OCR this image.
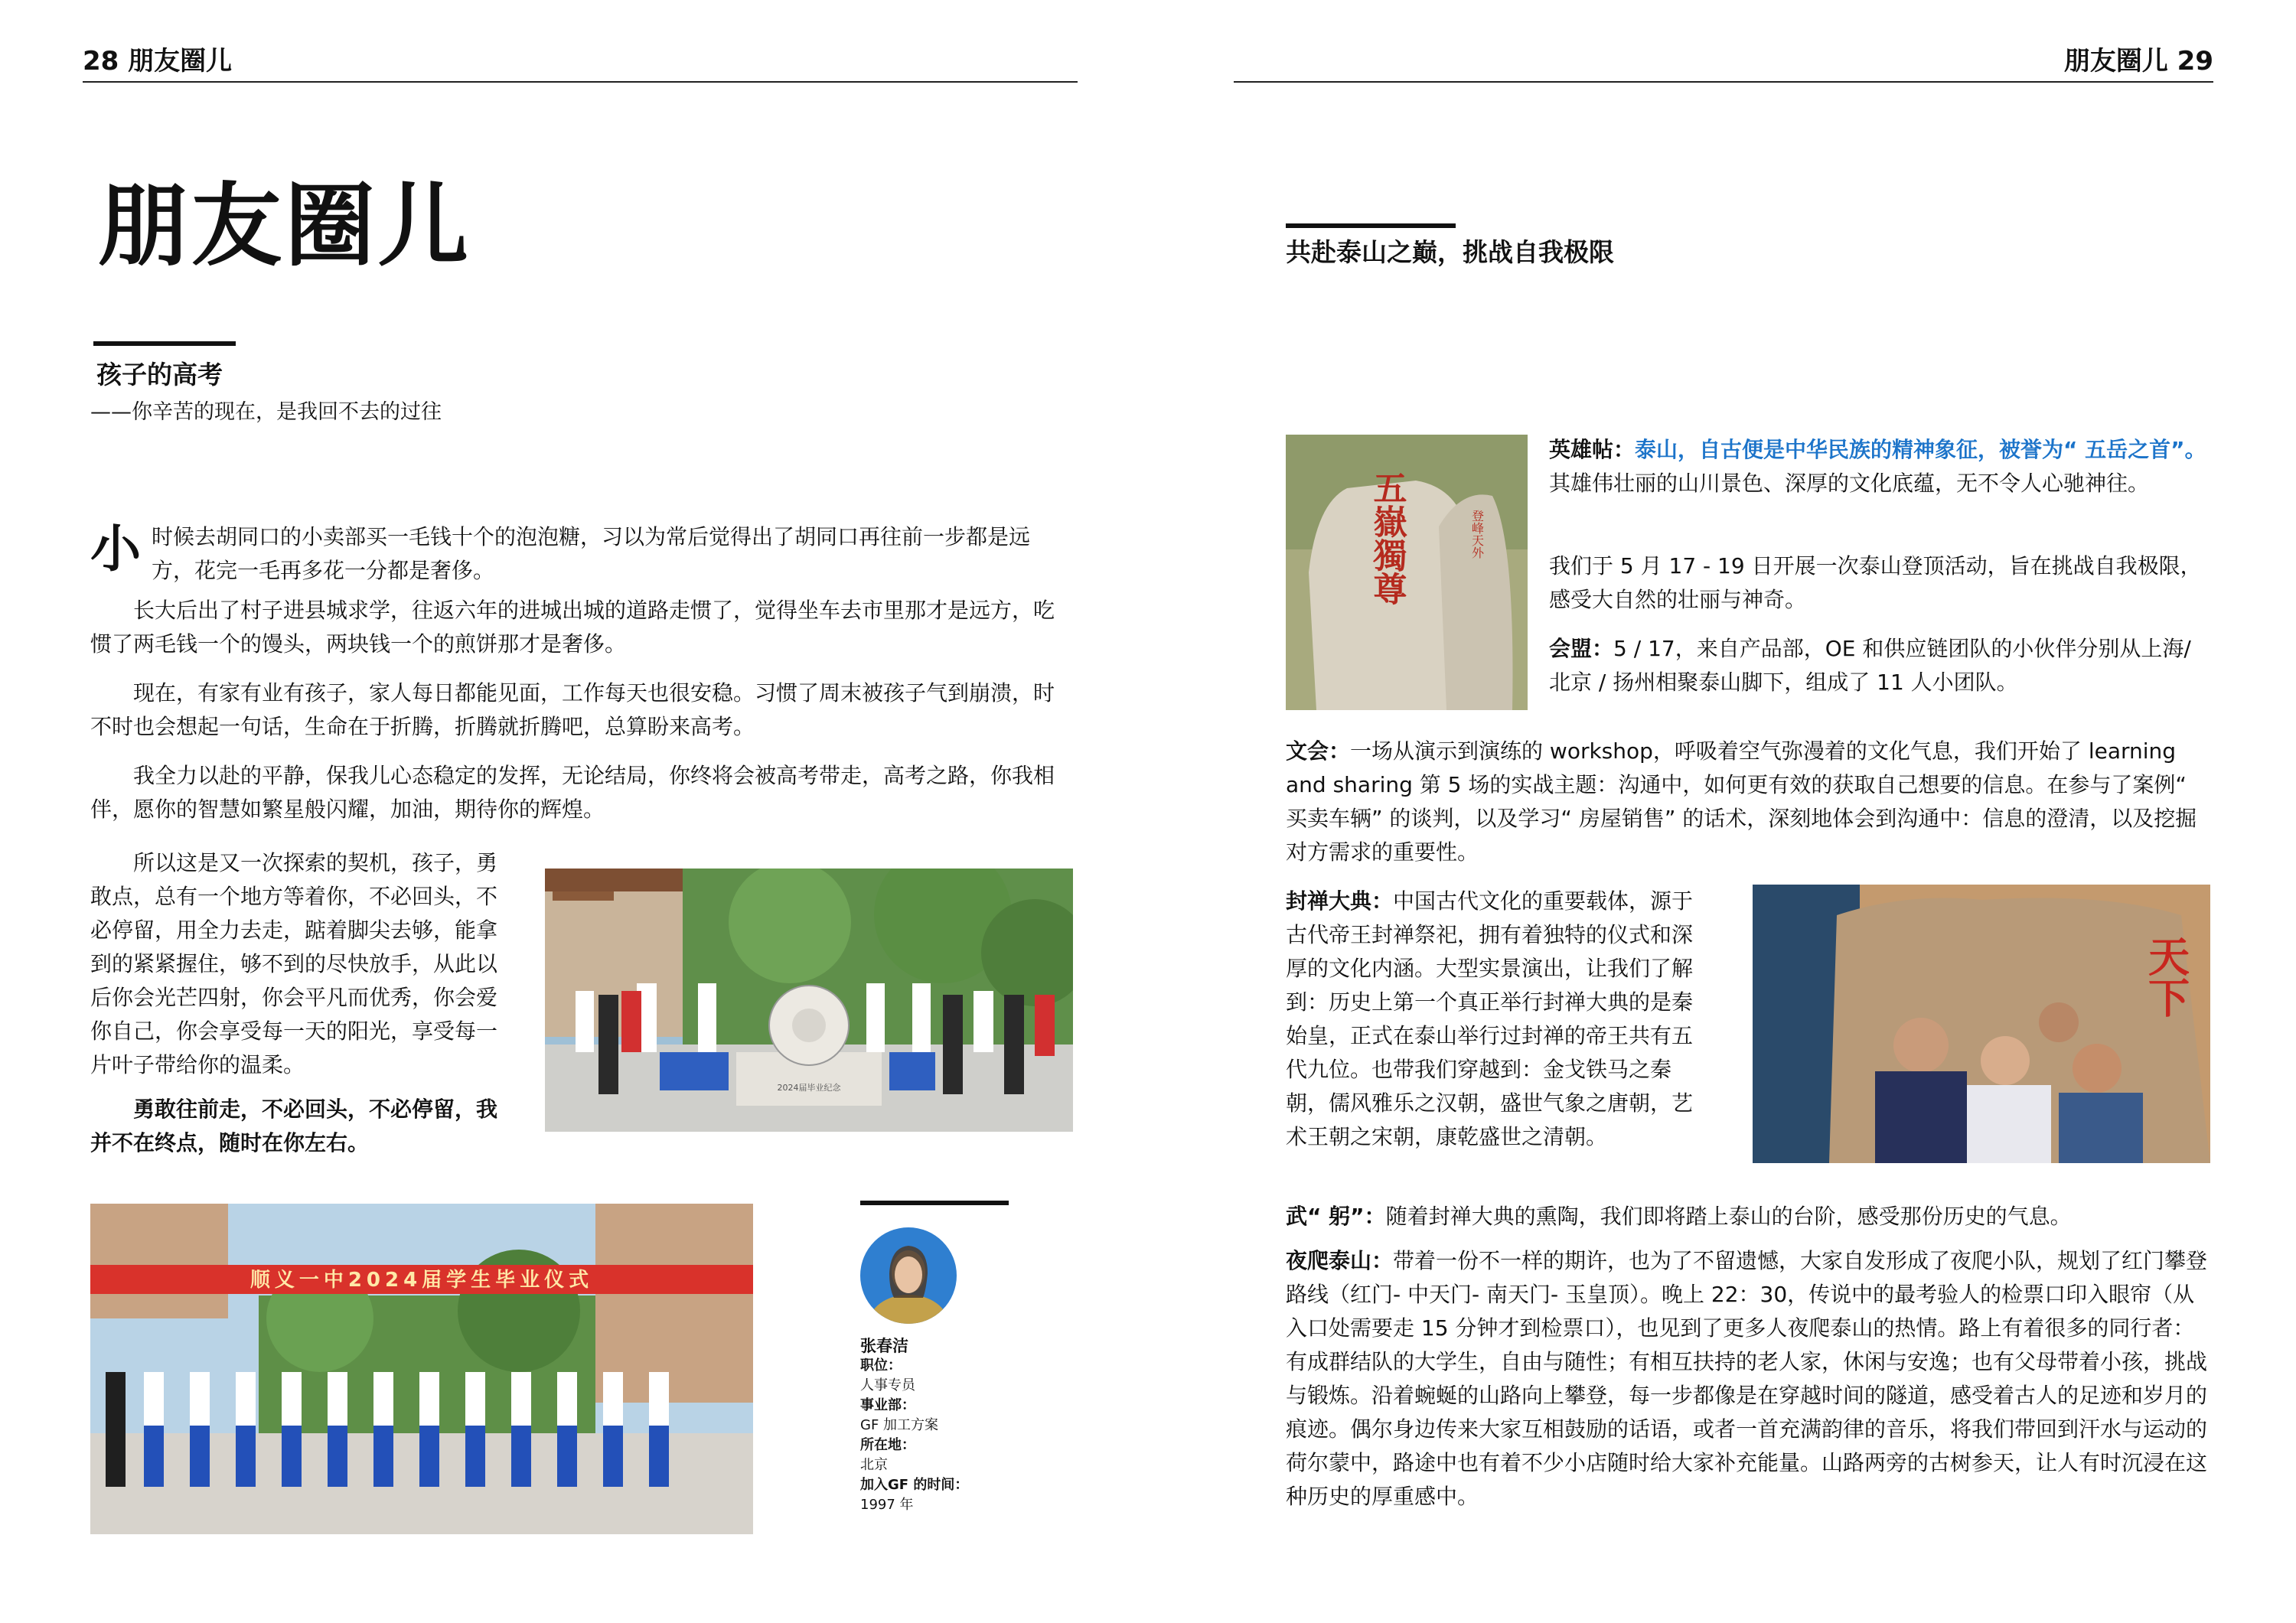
28 朋友圈儿	朋友圈儿 29
朋友圈儿
孩子的高考
——你辛苦的现在，是我回不去的过往
小时候去胡同口的小卖部买一毛钱十个的泡泡糖，习以为常后觉得出了胡同口再往前一步都是远方，花完一毛再多花一分都是奢侈。

长大后出了村子进县城求学，往返六年的进城出城的道路走惯了，觉得坐车去市里那才是远方，吃惯了两毛钱一个的馒头，两块钱一个的煎饼那才是奢侈。

现在，有家有业有孩子，家人每日都能见面，工作每天也很安稳。习惯了周末被孩子气到崩溃，时不时也会想起一句话，生命在于折腾，折腾就折腾吧，总算盼来高考。

我全力以赴的平静，保我儿心态稳定的发挥，无论结局，你终将会被高考带走，高考之路，你我相伴，愿你的智慧如繁星般闪耀，加油，期待你的辉煌。

所以这是又一次探索的契机，孩子，勇敢点，总有一个地方等着你，不必回头，不必停留，用全力去走，踮着脚尖去够，能拿到的紧紧握住，够不到的尽快放手，从此以后你会光芒四射，你会平凡而优秀，你会爱你自己，你会享受每一天的阳光，享受每一片叶子带给你的温柔。

勇敢往前走，不必回头，不必停留，我并不在终点，随时在你左右。

2024届毕业纪念
顺义一中2024届学生毕业仪式
张春洁
职位：
人事专员
事业部：
GF 加工方案
所在地：
北京
加入GF 的时间：
1997 年
共赴泰山之巅，挑战自我极限
五嶽獨尊	登峰天外
英雄帖：泰山，自古便是中华民族的精神象征，被誉为“ 五岳之首”。其雄伟壮丽的山川景色、深厚的文化底蕴，无不令人心驰神往。

我们于 5 月 17 - 19 日开展一次泰山登顶活动，旨在挑战自我极限，感受大自然的壮丽与神奇。

会盟：5 / 17，来自产品部，OE 和供应链团队的小伙伴分别从上海/ 北京 / 扬州相聚泰山脚下，组成了 11 人小团队。
文会：一场从演示到演练的 workshop，呼吸着空气弥漫着的文化气息，我们开始了 learning and sharing 第 5 场的实战主题：沟通中，如何更有效的获取自己想要的信息。在参与了案例“ 买卖车辆” 的谈判，以及学习“ 房屋销售” 的话术，深刻地体会到沟通中：信息的澄清，以及挖掘对方需求的重要性。
封禅大典：中国古代文化的重要载体，源于古代帝王封禅祭祀，拥有着独特的仪式和深厚的文化内涵。大型实景演出，让我们了解到：历史上第一个真正举行封禅大典的是秦始皇，正式在泰山举行过封禅的帝王共有五代九位。也带我们穿越到：金戈铁马之秦朝，儒风雅乐之汉朝，盛世气象之唐朝，艺术王朝之宋朝，康乾盛世之清朝。
天下
武“ 躬”：随着封禅大典的熏陶，我们即将踏上泰山的台阶，感受那份历史的气息。
夜爬泰山：带着一份不一样的期许，也为了不留遗憾，大家自发形成了夜爬小队，规划了红门攀登路线（红门- 中天门- 南天门- 玉皇顶）。晚上 22：30，传说中的最考验人的检票口印入眼帘（从入口处需要走 15 分钟才到检票口），也见到了更多人夜爬泰山的热情。路上有着很多的同行者：有成群结队的大学生，自由与随性；有相互扶持的老人家，休闲与安逸；也有父母带着小孩，挑战与锻炼。沿着蜿蜒的山路向上攀登，每一步都像是在穿越时间的隧道，感受着古人的足迹和岁月的痕迹。偶尔身边传来大家互相鼓励的话语，或者一首充满韵律的音乐，将我们带回到汗水与运动的荷尔蒙中，路途中也有着不少小店随时给大家补充能量。山路两旁的古树参天，让人有时沉浸在这种历史的厚重感中。
